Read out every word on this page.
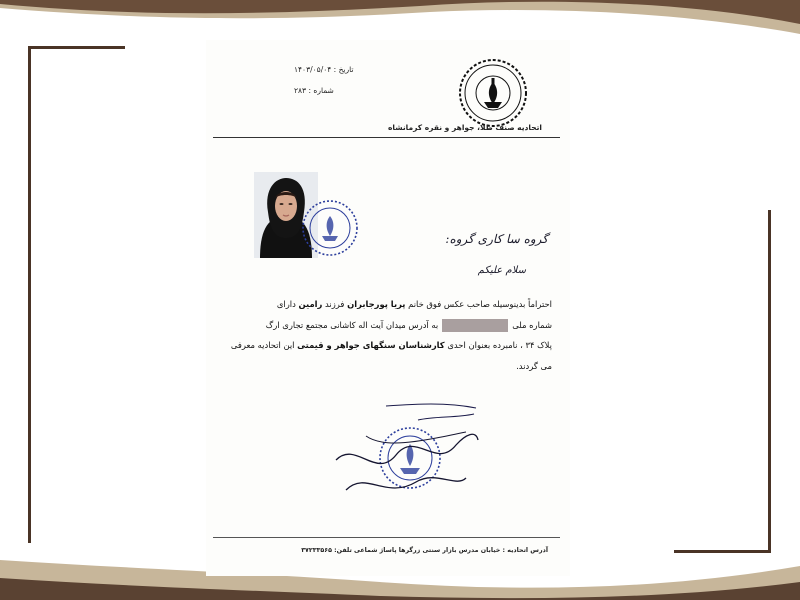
اتحادیه صنف طلا، جواهر و نقره کرمانشاه
تاریخ : ۱۴۰۳/۰۵/۰۴
شماره : ۲۸۳
گروه سا کاری گروه:
سلام علیکم
احتراماً بدینوسیله صاحب عکس فوق خانم پریا پورجابران فرزند رامین دارای
شماره ملیبه آدرس میدان آیت اله کاشانی مجتمع تجاری ارگ
پلاک ۳۴ ، نامبرده بعنوان احدی کارشناسان سنگهای جواهر و قیمتی این اتحادیه معرفی
می گردند.
آدرس اتحادیه : خیابان مدرس بازار سنتی زرگرها پاساژ شماعی تلفن: ۳۷۲۳۳۵۶۵
